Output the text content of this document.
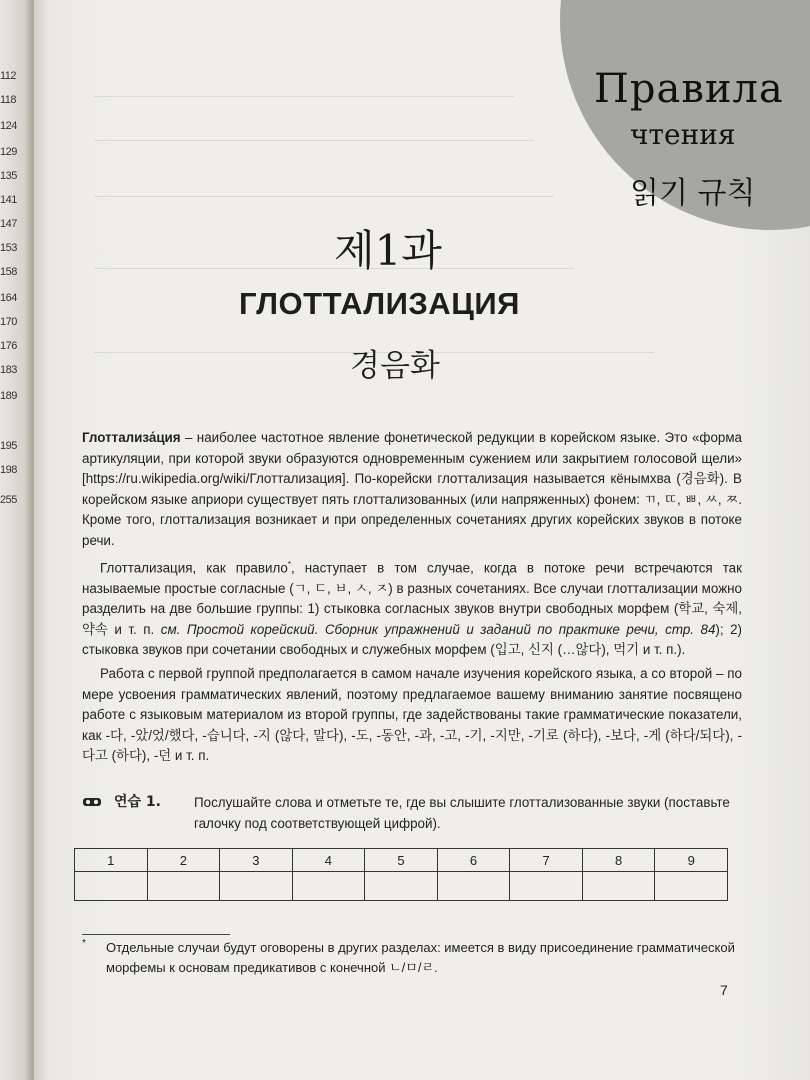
112
118
124
129
135
141
147
153
158
164
170
176
183
189
195
198
255
Правила
чтения
읽기 규칙
제1과
ГЛОТТАЛИЗАЦИЯ
경음화

Глоттализа́ция – наиболее частотное явление фонетической редукции в корейском языке. Это «форма артикуляции, при которой звуки образуются одновременным сужением или закрытием голосовой щели» [https://ru.wikipedia.org/wiki/Глоттализация]. По-корейски глоттализация называется кёнымхва (경음화). В корейском языке априори существует пять глоттализованных (или напряженных) фонем: ㄲ, ㄸ, ㅃ, ㅆ, ㅉ. Кроме того, глоттализация возникает и при определенных сочетаниях других корейских звуков в потоке речи.

Глоттализация, как правило*, наступает в том случае, когда в потоке речи встречаются так называемые простые согласные (ㄱ, ㄷ, ㅂ, ㅅ, ㅈ) в разных сочетаниях. Все случаи глоттализации можно разделить на две большие группы: 1) стыковка согласных звуков внутри свободных морфем (학교, 숙제, 약속 и т. п. см. Простой корейский. Сборник упражнений и заданий по практике речи, стр. 84); 2) стыковка звуков при сочетании свободных и служебных морфем (입고, 신지 (…않다), 먹기 и т. п.).

Работа с первой группой предполагается в самом начале изучения корейского языка, а со второй – по мере усвоения грамматических явлений, поэтому предлагаемое вашему вниманию занятие посвящено работе с языковым материалом из второй группы, где задействованы такие грамматические показатели, как -다, -았/었/했다, -습니다, -지 (않다, 말다), -도, -동안, -과, -고, -기, -지만, -기로 (하다), -보다, -게 (하다/되다), -다고 (하다), -던 и т. п.

연습 1. Послушайте слова и отметьте те, где вы слышите глоттализованные звуки (поставьте галочку под соответствующей цифрой).
1	2	3	4	5	6	7	8	9

* Отдельные случаи будут оговорены в других разделах: имеется в виду присоединение грамматической морфемы к основам предикативов с конечной ㄴ/ㅁ/ㄹ.
7
